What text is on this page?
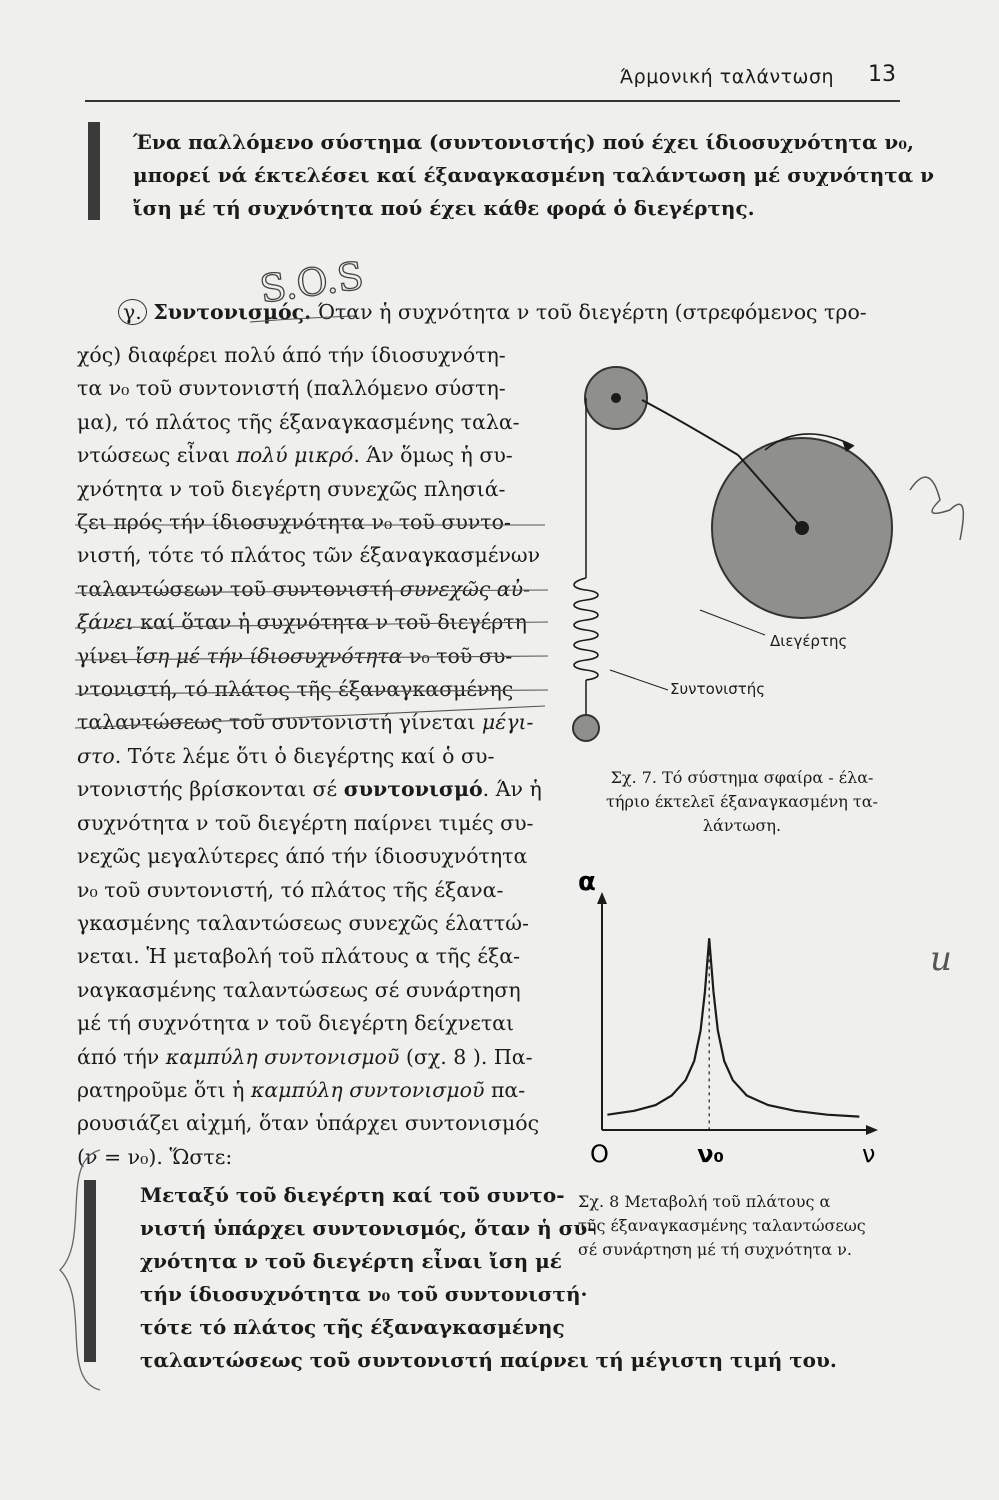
Άρμονική ταλάντωση 13
Ένα παλλόμενο σύστημα (συντονιστής) πού έχει ίδιοσυχνότητα ν₀,
μπορεί νά έκτελέσει καί έξαναγκασμένη ταλάντωση μέ συχνότητα ν
ἴση μέ τή συχνότητα πού έχει κάθε φορά ὁ διεγέρτης.
S.O.S
γ. Συντονισμός. Όταν ἡ συχνότητα ν τοῦ διεγέρτη (στρεφόμενος τρο-
χός) διαφέρει πολύ άπό τήν ίδιοσυχνότη-
τα ν₀ τοῦ συντονιστή (παλλόμενο σύστη-
μα), τό πλάτος τῆς έξαναγκασμένης ταλα-
ντώσεως εἶναι πολύ μικρό. Άν ὅμως ἡ συ-
χνότητα ν τοῦ διεγέρτη συνεχῶς πλησιά-
ζει πρός τήν ίδιοσυχνότητα ν₀ τοῦ συντο-
νιστή, τότε τό πλάτος τῶν έξαναγκασμένων
ταλαντώσεων τοῦ συντονιστή συνεχῶς αὐ-
ξάνει καί ὅταν ἡ συχνότητα ν τοῦ διεγέρτη
γίνει ἴση μέ τήν ίδιοσυχνότητα ν₀ τοῦ συ-
ντονιστή, τό πλάτος τῆς έξαναγκασμένης
ταλαντώσεως τοῦ συντονιστή γίνεται μέγι-
στο. Τότε λέμε ὅτι ὁ διεγέρτης καί ὁ συ-
ντονιστής βρίσκονται σέ συντονισμό. Άν ἡ
συχνότητα ν τοῦ διεγέρτη παίρνει τιμές συ-
νεχῶς μεγαλύτερες άπό τήν ίδιοσυχνότητα
ν₀ τοῦ συντονιστή, τό πλάτος τῆς έξανα-
γκασμένης ταλαντώσεως συνεχῶς έλαττώ-
νεται. Ἡ μεταβολή τοῦ πλάτους α τῆς έξα-
ναγκασμένης ταλαντώσεως σέ συνάρτηση
μέ τή συχνότητα ν τοῦ διεγέρτη δείχνεται
άπό τήν καμπύλη συντονισμοῦ (σχ. 8 ). Πα-
ρατηροῦμε ὅτι ἡ καμπύλη συντονισμοῦ πα-
ρουσιάζει αἰχμή, ὅταν ὑπάρχει συντονισμός
(ν = ν₀). Ὥστε:
Διεγέρτης
Συντονιστής
Σχ. 7. Τό σύστημα σφαίρα - έλα-
τήριο έκτελεῖ έξαναγκασμένη τα-
λάντωση.
α
Ο	ν₀	ν
Σχ. 8 Μεταβολή τοῦ πλάτους α
τῆς έξαναγκασμένης ταλαντώσεως
σέ συνάρτηση μέ τή συχνότητα ν.
u
Μεταξύ τοῦ διεγέρτη καί τοῦ συντο-
νιστή ὑπάρχει συντονισμός, ὅταν ἡ συ-
χνότητα ν τοῦ διεγέρτη εἶναι ἴση μέ
τήν ίδιοσυχνότητα ν₀ τοῦ συντονιστή·
τότε τό πλάτος τῆς έξαναγκασμένης
ταλαντώσεως τοῦ συντονιστή παίρνει τή μέγιστη τιμή του.
